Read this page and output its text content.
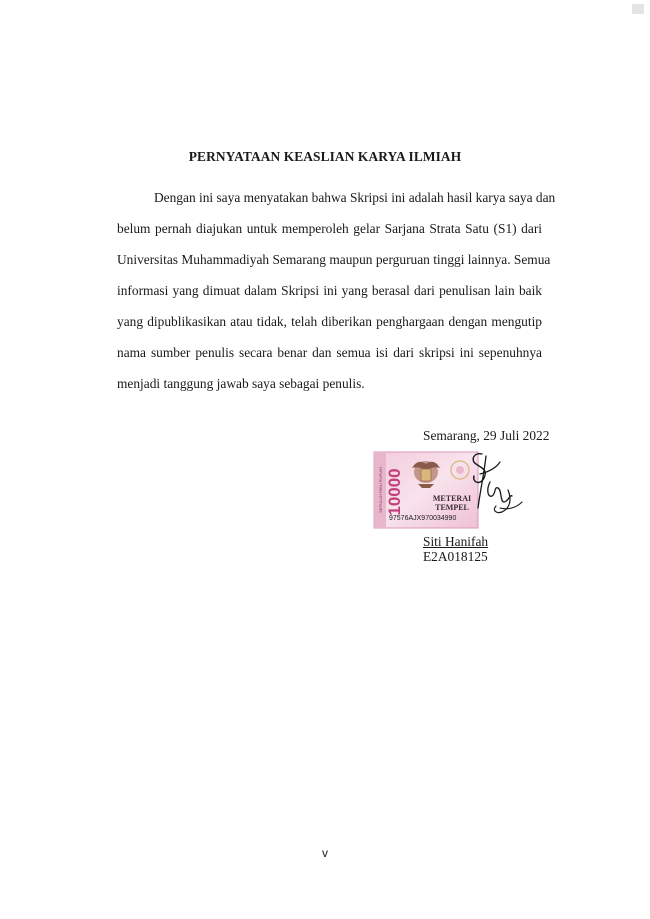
PERNYATAAN KEASLIAN KARYA ILMIAH
Dengan ini saya menyatakan bahwa Skripsi ini adalah hasil karya saya dan
belum pernah diajukan untuk memperoleh gelar Sarjana Strata Satu (S1) dari
Universitas Muhammadiyah Semarang maupun perguruan tinggi lainnya. Semua
informasi yang dimuat dalam Skripsi ini yang berasal dari penulisan lain baik
yang dipublikasikan atau tidak, telah diberikan penghargaan dengan mengutip
nama sumber penulis secara benar dan semua isi dari skripsi ini sepenuhnya
menjadi tanggung jawab saya sebagai penulis.
Semarang, 29 Juli 2022
SEPULUH RIBU RUPIAH 10000	METERAI
TEMPEL
97576AJX970034990
Siti Hanifah
E2A018125
v
